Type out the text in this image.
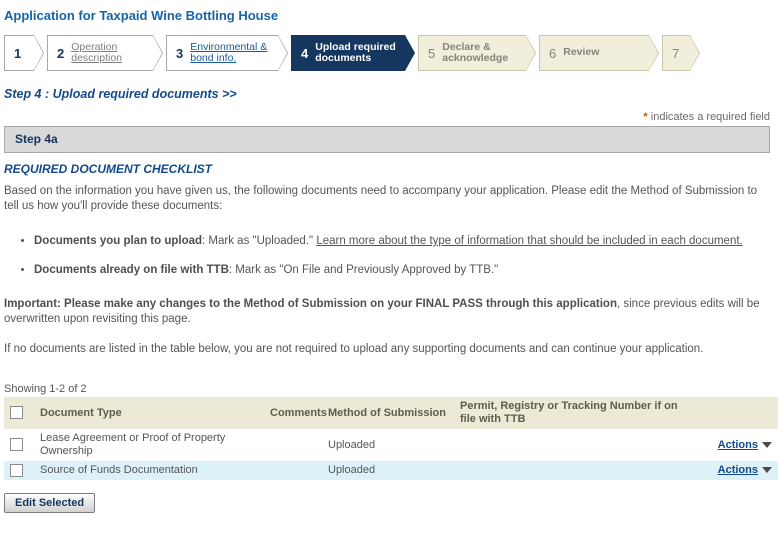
Application for Taxpaid Wine Bottling House
1	2 Operation description	3 Environmental & bond info.	4 Upload required documents	5 Declare & acknowledge	6 Review	7
Step 4 : Upload required documents >>
* indicates a required field
Step 4a
REQUIRED DOCUMENT CHECKLIST

Based on the information you have given us, the following documents need to accompany your application. Please edit the Method of Submission to tell us how you'll provide these documents:

• Documents you plan to upload: Mark as "Uploaded." Learn more about the type of information that should be included in each document.
• Documents already on file with TTB: Mark as "On File and Previously Approved by TTB."

Important: Please make any changes to the Method of Submission on your FINAL PASS through this application, since previous edits will be overwritten upon revisiting this page.

If no documents are listed in the table below, you are not required to upload any supporting documents and can continue your application.

Showing 1-2 of 2
	Document Type	Comments	Method of Submission	Permit, Registry or Tracking Number if on file with TTB	
	Lease Agreement or Proof of Property Ownership		Uploaded		Actions
	Source of Funds Documentation		Uploaded		Actions
Edit Selected
